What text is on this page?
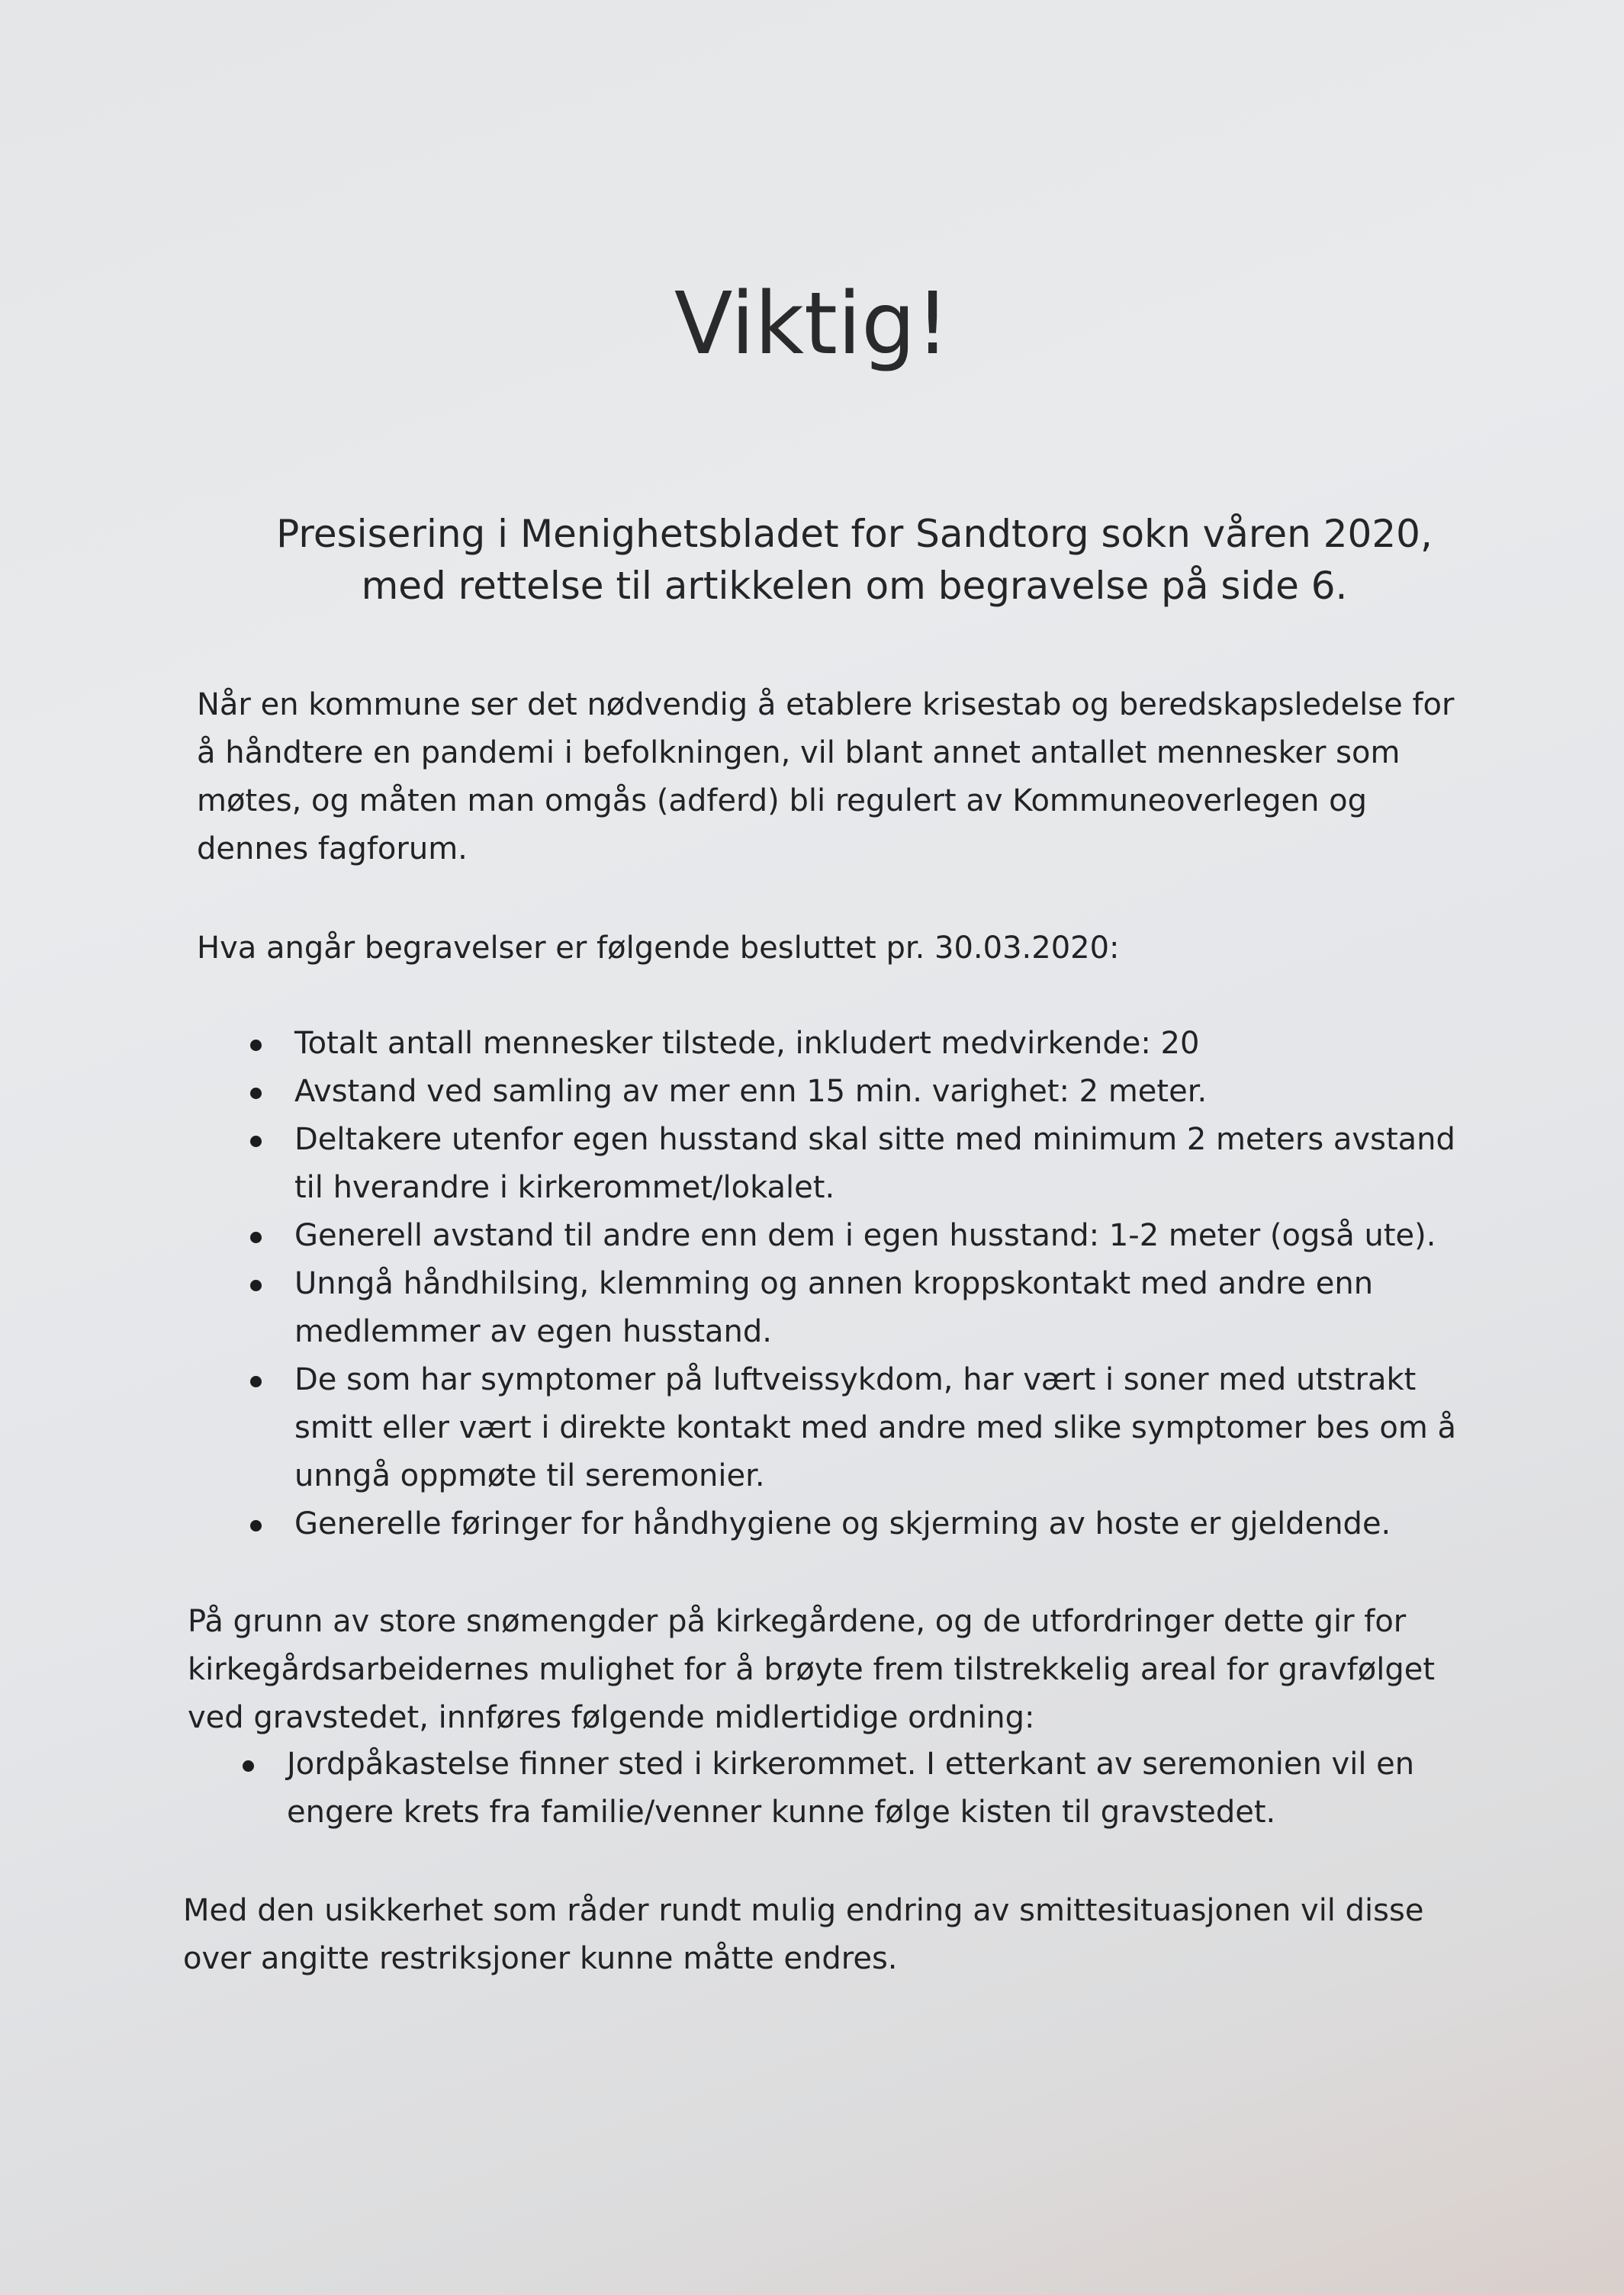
Viktig!
Presisering i Menighetsbladet for Sandtorg sokn våren 2020,
med rettelse til artikkelen om begravelse på side 6.
Når en kommune ser det nødvendig å etablere krisestab og beredskapsledelse for
å håndtere en pandemi i befolkningen, vil blant annet antallet mennesker som
møtes, og måten man omgås (adferd) bli regulert av Kommuneoverlegen og
dennes fagforum.
Hva angår begravelser er følgende besluttet pr. 30.03.2020:
Totalt antall mennesker tilstede, inkludert medvirkende: 20
Avstand ved samling av mer enn 15 min. varighet: 2 meter.
Deltakere utenfor egen husstand skal sitte med minimum 2 meters avstand
til hverandre i kirkerommet/lokalet.
Generell avstand til andre enn dem i egen husstand: 1-2 meter (også ute).
Unngå håndhilsing, klemming og annen kroppskontakt med andre enn
medlemmer av egen husstand.
De som har symptomer på luftveissykdom, har vært i soner med utstrakt
smitt eller vært i direkte kontakt med andre med slike symptomer bes om å
unngå oppmøte til seremonier.
Generelle føringer for håndhygiene og skjerming av hoste er gjeldende.
På grunn av store snømengder på kirkegårdene, og de utfordringer dette gir for
kirkegårdsarbeidernes mulighet for å brøyte frem tilstrekkelig areal for gravfølget
ved gravstedet, innføres følgende midlertidige ordning:
Jordpåkastelse finner sted i kirkerommet. I etterkant av seremonien vil en
engere krets fra familie/venner kunne følge kisten til gravstedet.
Med den usikkerhet som råder rundt mulig endring av smittesituasjonen vil disse
over angitte restriksjoner kunne måtte endres.
